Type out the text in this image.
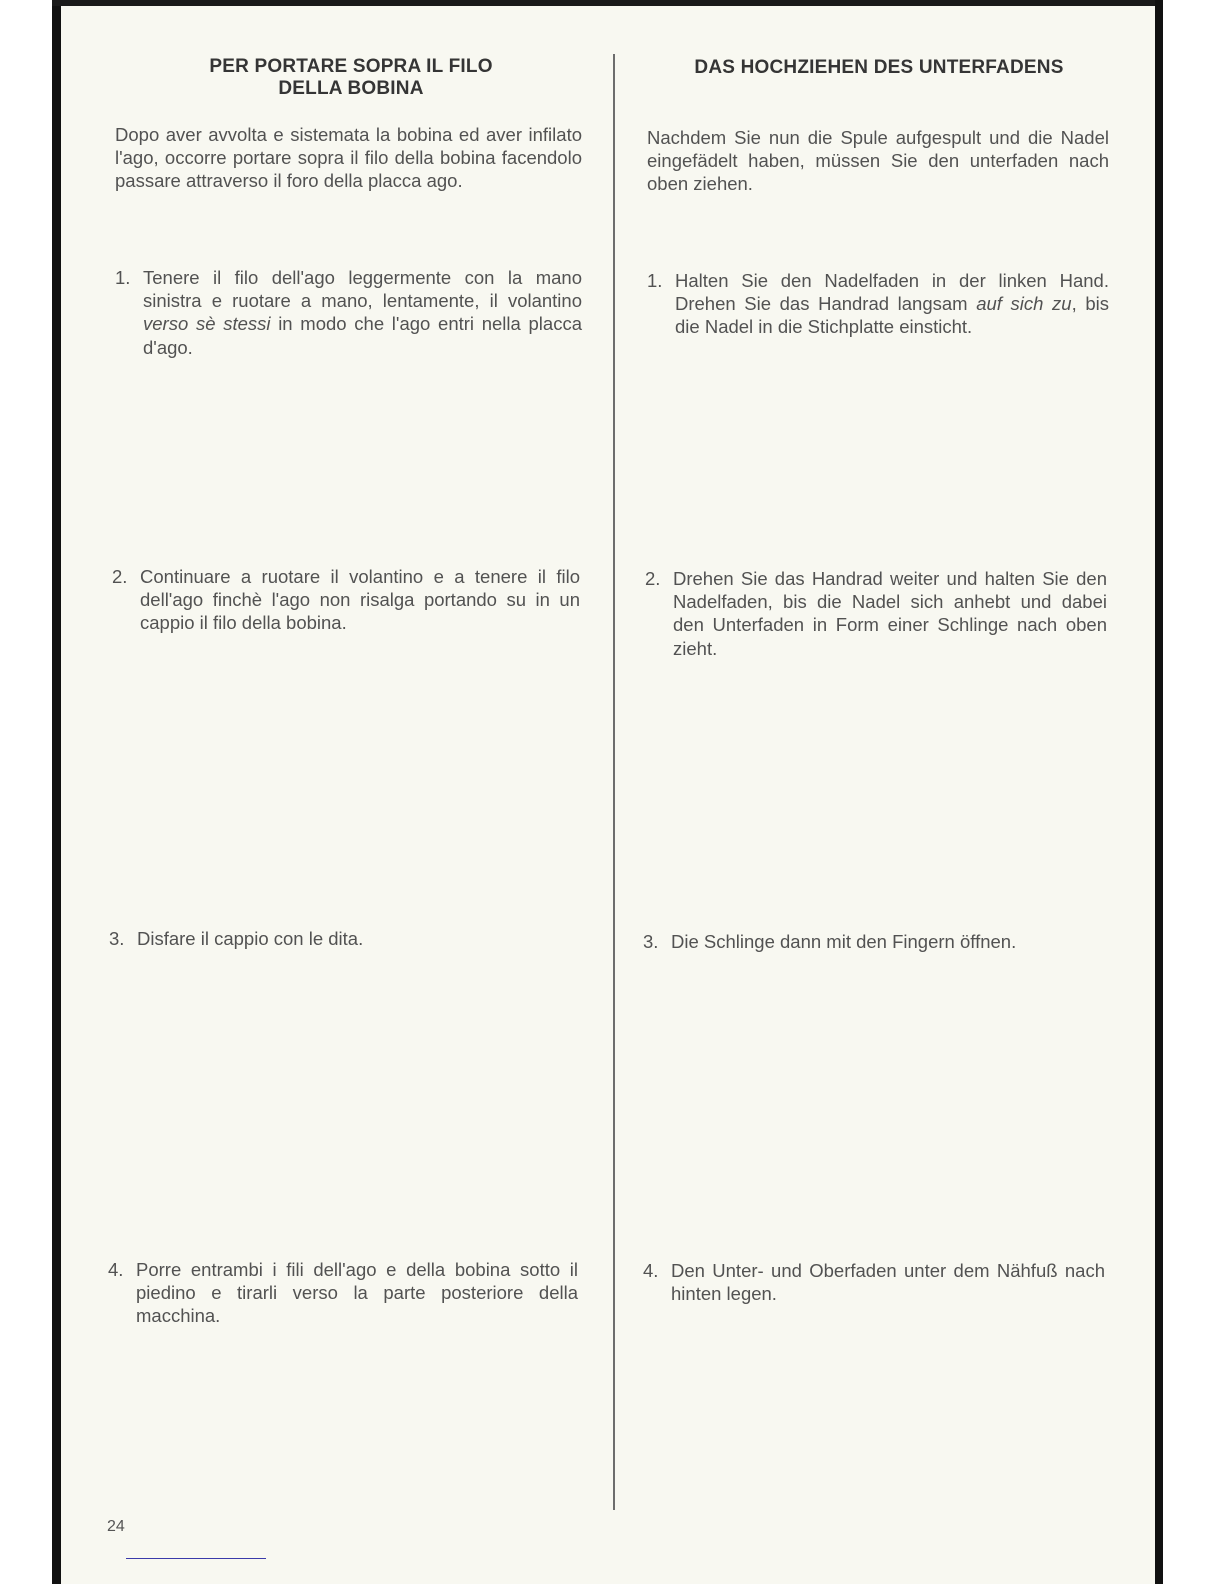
PER PORTARE SOPRA IL FILO
DELLA BOBINA
Dopo aver avvolta e sistemata la bobina ed aver infilato l'ago, occorre portare sopra il filo della bobina facendolo passare attraverso il foro della placca ago.
1. Tenere il filo dell'ago leggermente con la mano sinistra e ruotare a mano, lentamente, il volantino verso sè stessi in modo che l'ago entri nella placca d'ago.
2. Continuare a ruotare il volantino e a tenere il filo dell'ago finchè l'ago non risalga portando su in un cappio il filo della bobina.
3. Disfare il cappio con le dita.
4. Porre entrambi i fili dell'ago e della bobina sotto il piedino e tirarli verso la parte posteriore della macchina.
DAS HOCHZIEHEN DES UNTERFADENS
Nachdem Sie nun die Spule aufgespult und die Nadel eingefädelt haben, müssen Sie den unterfaden nach oben ziehen.
1. Halten Sie den Nadelfaden in der linken Hand. Drehen Sie das Handrad langsam auf sich zu, bis die Nadel in die Stichplatte einsticht.
2. Drehen Sie das Handrad weiter und halten Sie den Nadelfaden, bis die Nadel sich anhebt und dabei den Unterfaden in Form einer Schlinge nach oben zieht.
3. Die Schlinge dann mit den Fingern öffnen.
4. Den Unter- und Oberfaden unter dem Nähfuß nach hinten legen.
24
